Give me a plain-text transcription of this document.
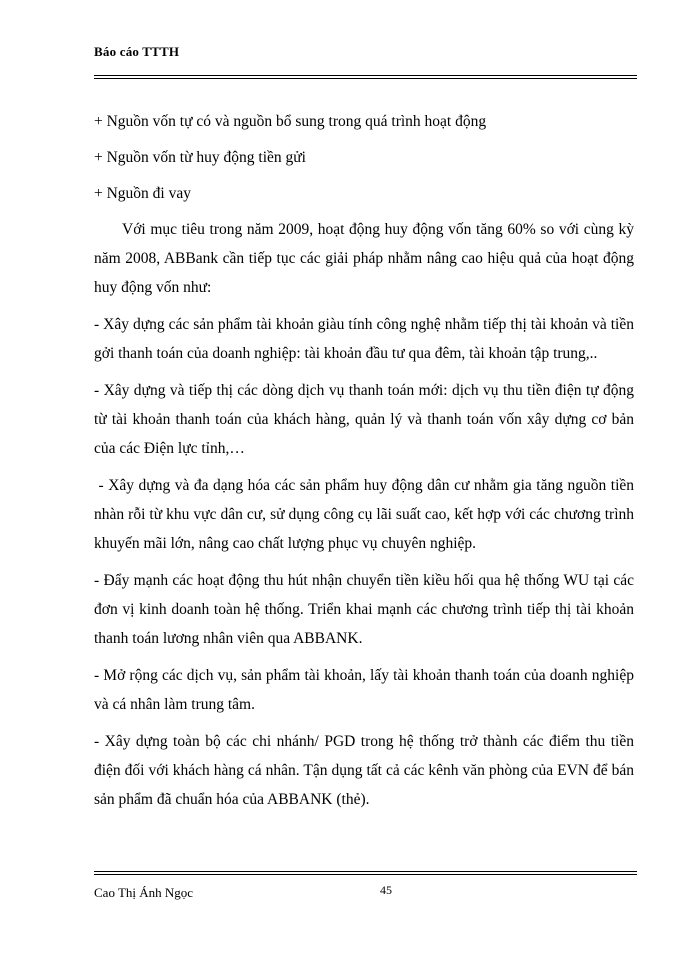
Báo cáo TTTH

+ Nguồn vốn tự có và nguồn bổ sung trong quá trình hoạt động

+ Nguồn vốn từ huy động tiền gửi

+ Nguồn đi vay

Với mục tiêu trong năm 2009, hoạt động huy động vốn tăng 60% so với cùng kỳ năm 2008, ABBank cần tiếp tục các giải pháp nhằm nâng cao hiệu quả của hoạt động huy động vốn như:

- Xây dựng các sản phẩm tài khoản giàu tính công nghệ nhằm tiếp thị tài khoản và tiền gởi thanh toán của doanh nghiệp: tài khoản đầu tư qua đêm, tài khoản tập trung,..

- Xây dựng và tiếp thị các dòng dịch vụ thanh toán mới: dịch vụ thu tiền điện tự động từ tài khoản thanh toán của khách hàng, quản lý và thanh toán vốn xây dựng cơ bản của các Điện lực tỉnh,…

- Xây dựng và đa dạng hóa các sản phẩm huy động dân cư nhằm gia tăng nguồn tiền nhàn rỗi từ khu vực dân cư, sử dụng công cụ lãi suất cao, kết hợp với các chương trình khuyến mãi lớn, nâng cao chất lượng phục vụ chuyên nghiệp.

- Đẩy mạnh các hoạt động thu hút nhận chuyển tiền kiều hối qua hệ thống WU tại các đơn vị kinh doanh toàn hệ thống. Triển khai mạnh các chương trình tiếp thị tài khoản thanh toán lương nhân viên qua ABBANK.

- Mở rộng các dịch vụ, sản phẩm tài khoản, lấy tài khoản thanh toán của doanh nghiệp và cá nhân làm trung tâm.

- Xây dựng toàn bộ các chi nhánh/ PGD trong hệ thống trở thành các điểm thu tiền điện đối với khách hàng cá nhân. Tận dụng tất cả các kênh văn phòng của EVN để bán sản phẩm đã chuẩn hóa của ABBANK (thẻ).

Cao Thị Ánh Ngọc	45
